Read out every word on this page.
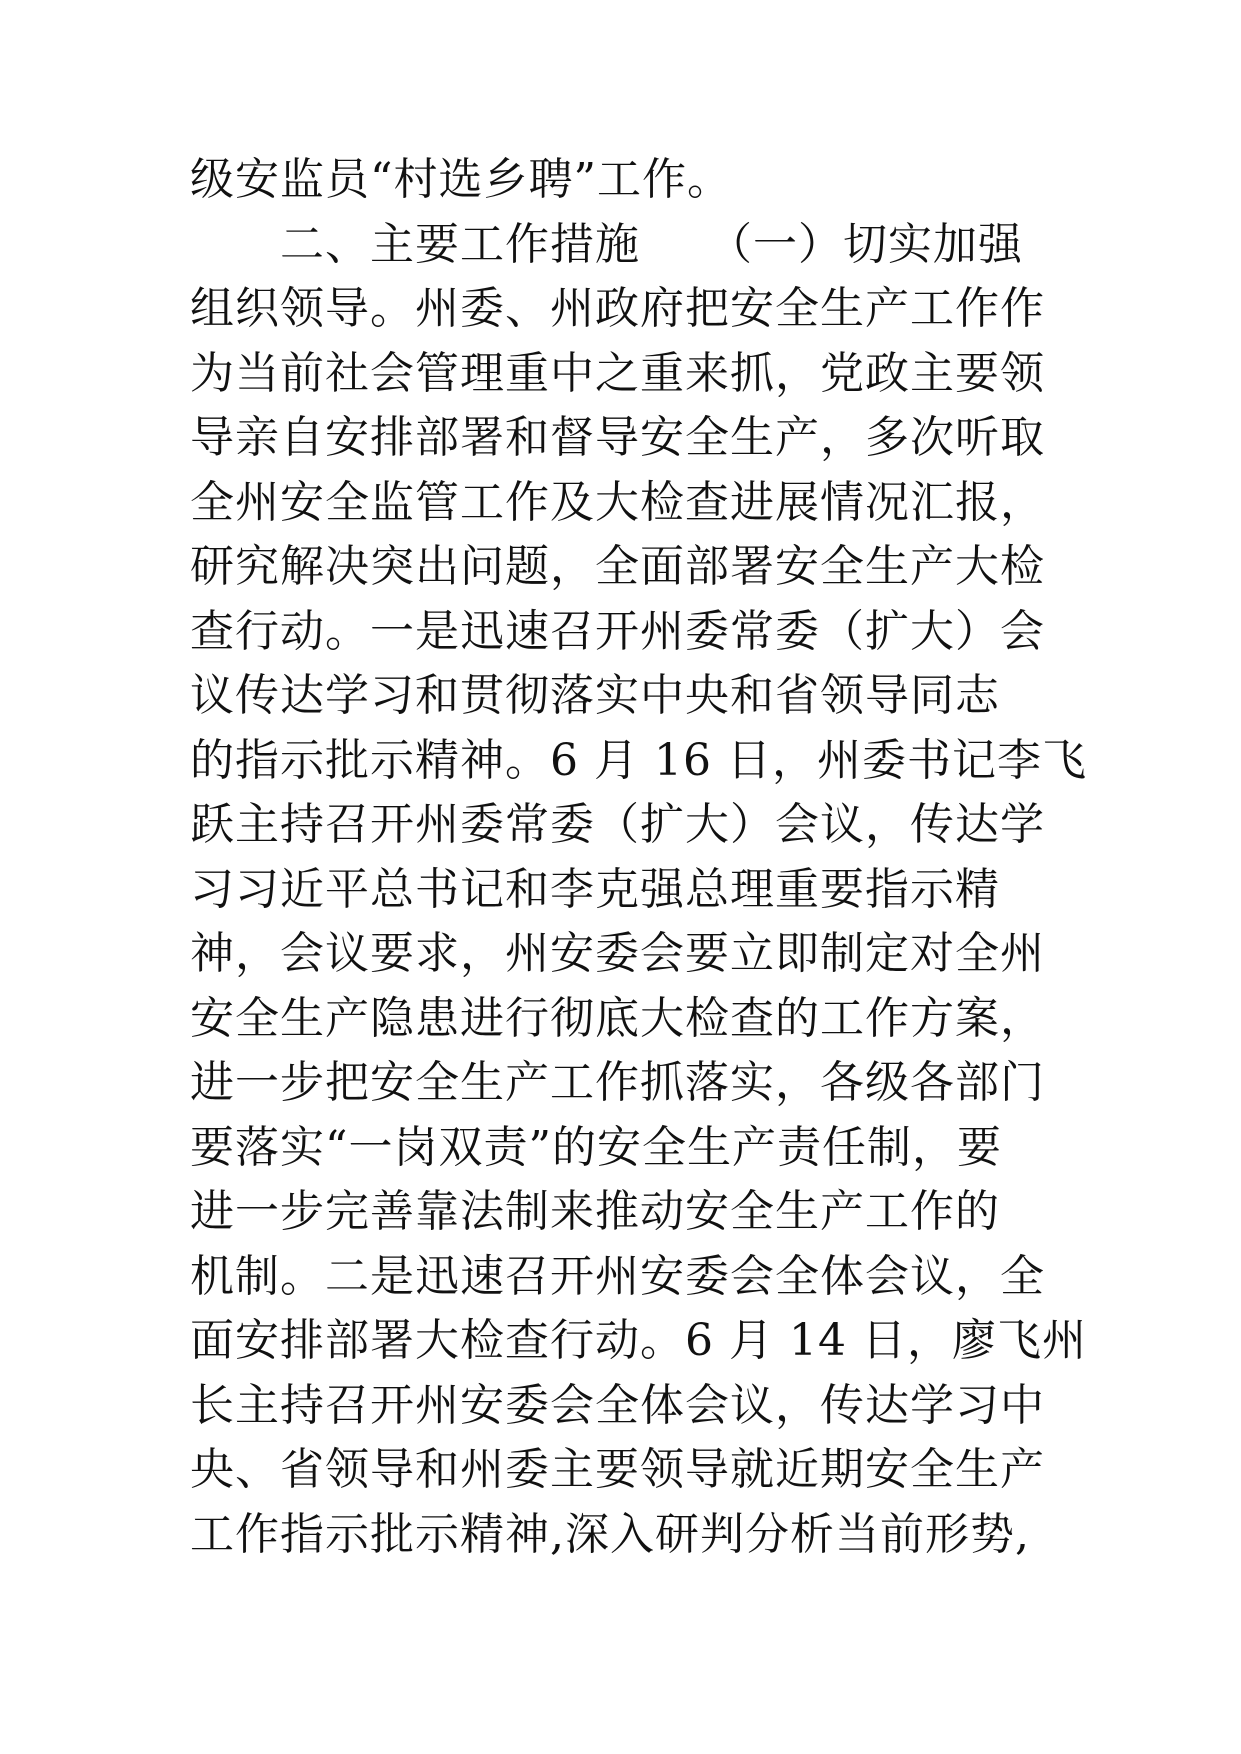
级安监员“村选乡聘”工作。
　　二、主要工作措施　　（一）切实加强
组织领导。州委、州政府把安全生产工作作
为当前社会管理重中之重来抓，党政主要领
导亲自安排部署和督导安全生产，多次听取
全州安全监管工作及大检查进展情况汇报，
研究解决突出问题，全面部署安全生产大检
查行动。一是迅速召开州委常委（扩大）会
议传达学习和贯彻落实中央和省领导同志
的指示批示精神。6 月 16 日，州委书记李飞
跃主持召开州委常委（扩大）会议，传达学
习习近平总书记和李克强总理重要指示精
神，会议要求，州安委会要立即制定对全州
安全生产隐患进行彻底大检查的工作方案，
进一步把安全生产工作抓落实，各级各部门
要落实“一岗双责”的安全生产责任制，要
进一步完善靠法制来推动安全生产工作的
机制。二是迅速召开州安委会全体会议，全
面安排部署大检查行动。6 月 14 日，廖飞州
长主持召开州安委会全体会议，传达学习中
央、省领导和州委主要领导就近期安全生产
工作指示批示精神,深入研判分析当前形势,
